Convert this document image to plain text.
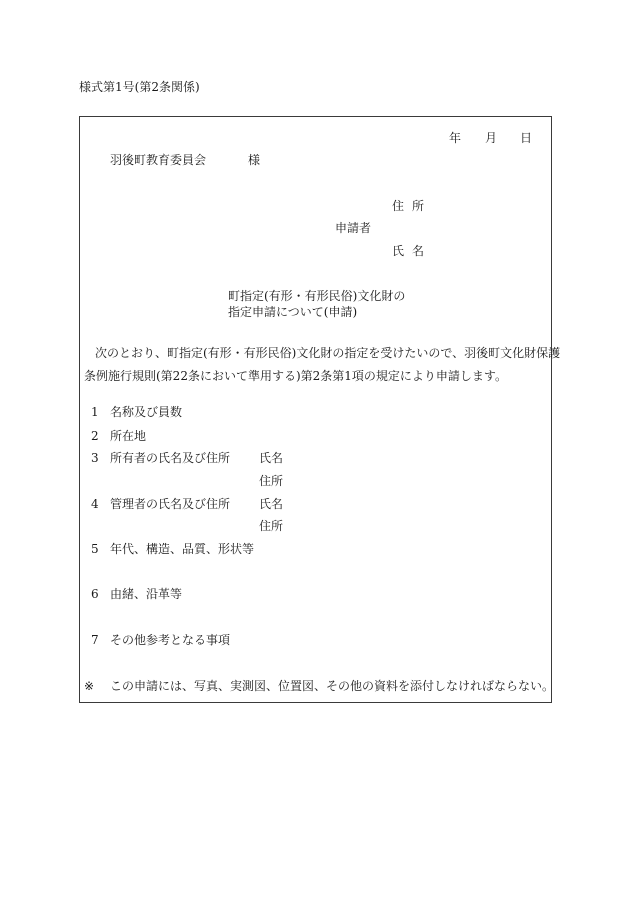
様式第1号(第2条関係)
年 月 日
羽後町教育委員会	様
住所
申請者
氏名
町指定(有形・有形民俗)文化財の
指定申請について(申請)
次のとおり、町指定(有形・有形民俗)文化財の指定を受けたいので、羽後町文化財保護
条例施行規則(第22条において準用する)第2条第1項の規定により申請します。
1 名称及び員数
2 所在地
3 所有者の氏名及び住所 氏名
住所
4 管理者の氏名及び住所 氏名
住所
5 年代、構造、品質、形状等
6 由緒、沿革等
7 その他参考となる事項
※ この申請には、写真、実測図、位置図、その他の資料を添付しなければならない。
